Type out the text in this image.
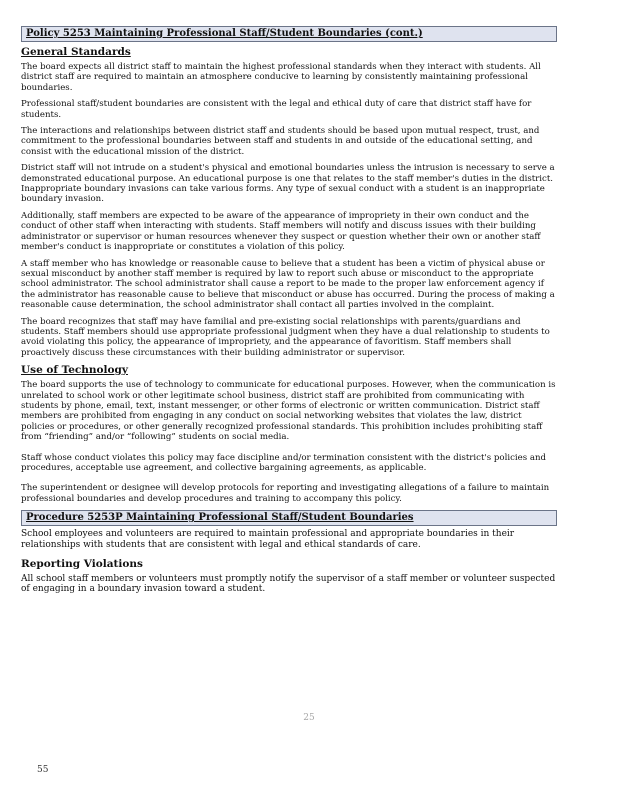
Policy 5253 Maintaining Professional Staff/Student Boundaries (cont.)
General Standards

The board expects all district staff to maintain the highest professional standards when they interact with students. All district staff are required to maintain an atmosphere conducive to learning by consistently maintaining professional boundaries.

Professional staff/student boundaries are consistent with the legal and ethical duty of care that district staff have for students.

The interactions and relationships between district staff and students should be based upon mutual respect, trust, and commitment to the professional boundaries between staff and students in and outside of the educational setting, and consist with the educational mission of the district.

District staff will not intrude on a student's physical and emotional boundaries unless the intrusion is necessary to serve a demonstrated educational purpose. An educational purpose is one that relates to the staff member's duties in the district. Inappropriate boundary invasions can take various forms. Any type of sexual conduct with a student is an inappropriate boundary invasion.

Additionally, staff members are expected to be aware of the appearance of impropriety in their own conduct and the conduct of other staff when interacting with students. Staff members will notify and discuss issues with their building administrator or supervisor or human resources whenever they suspect or question whether their own or another staff member's conduct is inappropriate or constitutes a violation of this policy.

A staff member who has knowledge or reasonable cause to believe that a student has been a victim of physical abuse or sexual misconduct by another staff member is required by law to report such abuse or misconduct to the appropriate school administrator. The school administrator shall cause a report to be made to the proper law enforcement agency if the administrator has reasonable cause to believe that misconduct or abuse has occurred. During the process of making a reasonable cause determination, the school administrator shall contact all parties involved in the complaint.

The board recognizes that staff may have familial and pre-existing social relationships with parents/guardians and students. Staff members should use appropriate professional judgment when they have a dual relationship to students to avoid violating this policy, the appearance of impropriety, and the appearance of favoritism. Staff members shall proactively discuss these circumstances with their building administrator or supervisor.

Use of Technology

The board supports the use of technology to communicate for educational purposes. However, when the communication is unrelated to school work or other legitimate school business, district staff are prohibited from communicating with students by phone, email, text, instant messenger, or other forms of electronic or written communication. District staff members are prohibited from engaging in any conduct on social networking websites that violates the law, district policies or procedures, or other generally recognized professional standards. This prohibition includes prohibiting staff from “friending” and/or “following” students on social media.

Staff whose conduct violates this policy may face discipline and/or termination consistent with the district's policies and procedures, acceptable use agreement, and collective bargaining agreements, as applicable.

The superintendent or designee will develop protocols for reporting and investigating allegations of a failure to maintain professional boundaries and develop procedures and training to accompany this policy.

Procedure 5253P Maintaining Professional Staff/Student Boundaries

School employees and volunteers are required to maintain professional and appropriate boundaries in their relationships with students that are consistent with legal and ethical standards of care.

Reporting Violations

All school staff members or volunteers must promptly notify the supervisor of a staff member or volunteer suspected of engaging in a boundary invasion toward a student.

25
55
